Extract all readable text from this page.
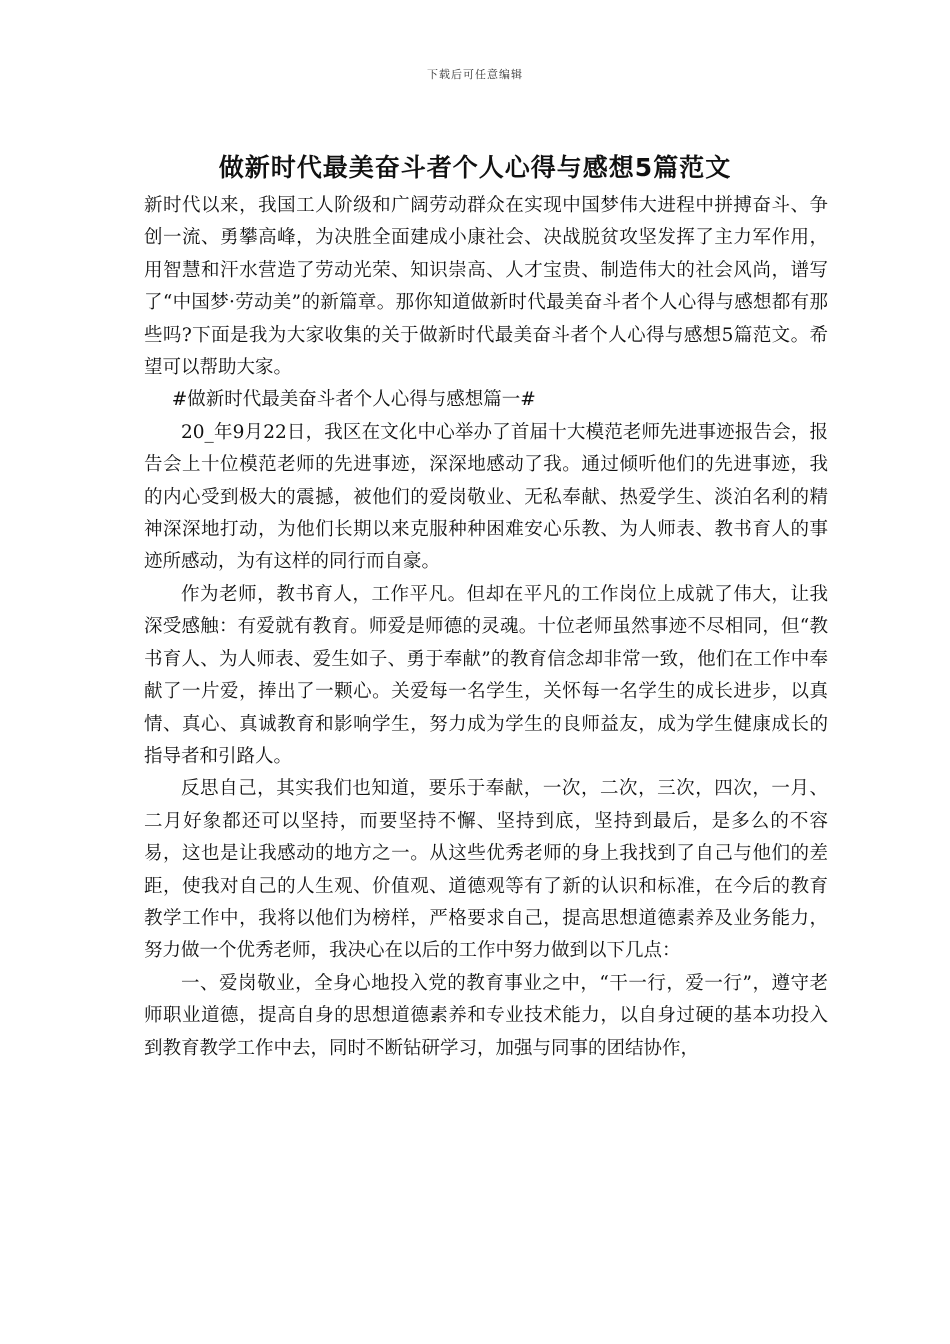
下载后可任意编辑
做新时代最美奋斗者个人心得与感想5篇范文

新时代以来，我国工人阶级和广阔劳动群众在实现中国梦伟大进程中拼搏奋斗、争创一流、勇攀高峰，为决胜全面建成小康社会、决战脱贫攻坚发挥了主力军作用，用智慧和汗水营造了劳动光荣、知识崇高、人才宝贵、制造伟大的社会风尚，谱写了“中国梦·劳动美”的新篇章。那你知道做新时代最美奋斗者个人心得与感想都有那些吗?下面是我为大家收集的关于做新时代最美奋斗者个人心得与感想5篇范文。希望可以帮助大家。

#做新时代最美奋斗者个人心得与感想篇一#

20_年9月22日，我区在文化中心举办了首届十大模范老师先进事迹报告会，报告会上十位模范老师的先进事迹，深深地感动了我。通过倾听他们的先进事迹，我的内心受到极大的震撼，被他们的爱岗敬业、无私奉献、热爱学生、淡泊名利的精神深深地打动，为他们长期以来克服种种困难安心乐教、为人师表、教书育人的事迹所感动，为有这样的同行而自豪。

作为老师，教书育人，工作平凡。但却在平凡的工作岗位上成就了伟大，让我深受感触：有爱就有教育。师爱是师德的灵魂。十位老师虽然事迹不尽相同，但“教书育人、为人师表、爱生如子、勇于奉献”的教育信念却非常一致，他们在工作中奉献了一片爱，捧出了一颗心。关爱每一名学生，关怀每一名学生的成长进步，以真情、真心、真诚教育和影响学生，努力成为学生的良师益友，成为学生健康成长的指导者和引路人。

反思自己，其实我们也知道，要乐于奉献，一次，二次，三次，四次，一月、二月好象都还可以坚持，而要坚持不懈、坚持到底，坚持到最后，是多么的不容易，这也是让我感动的地方之一。从这些优秀老师的身上我找到了自己与他们的差距，使我对自己的人生观、价值观、道德观等有了新的认识和标准，在今后的教育教学工作中，我将以他们为榜样，严格要求自己，提高思想道德素养及业务能力，努力做一个优秀老师，我决心在以后的工作中努力做到以下几点：

一、爱岗敬业，全身心地投入党的教育事业之中，“干一行，爱一行”，遵守老师职业道德，提高自身的思想道德素养和专业技术能力，以自身过硬的基本功投入到教育教学工作中去，同时不断钻研学习，加强与同事的团结协作，
